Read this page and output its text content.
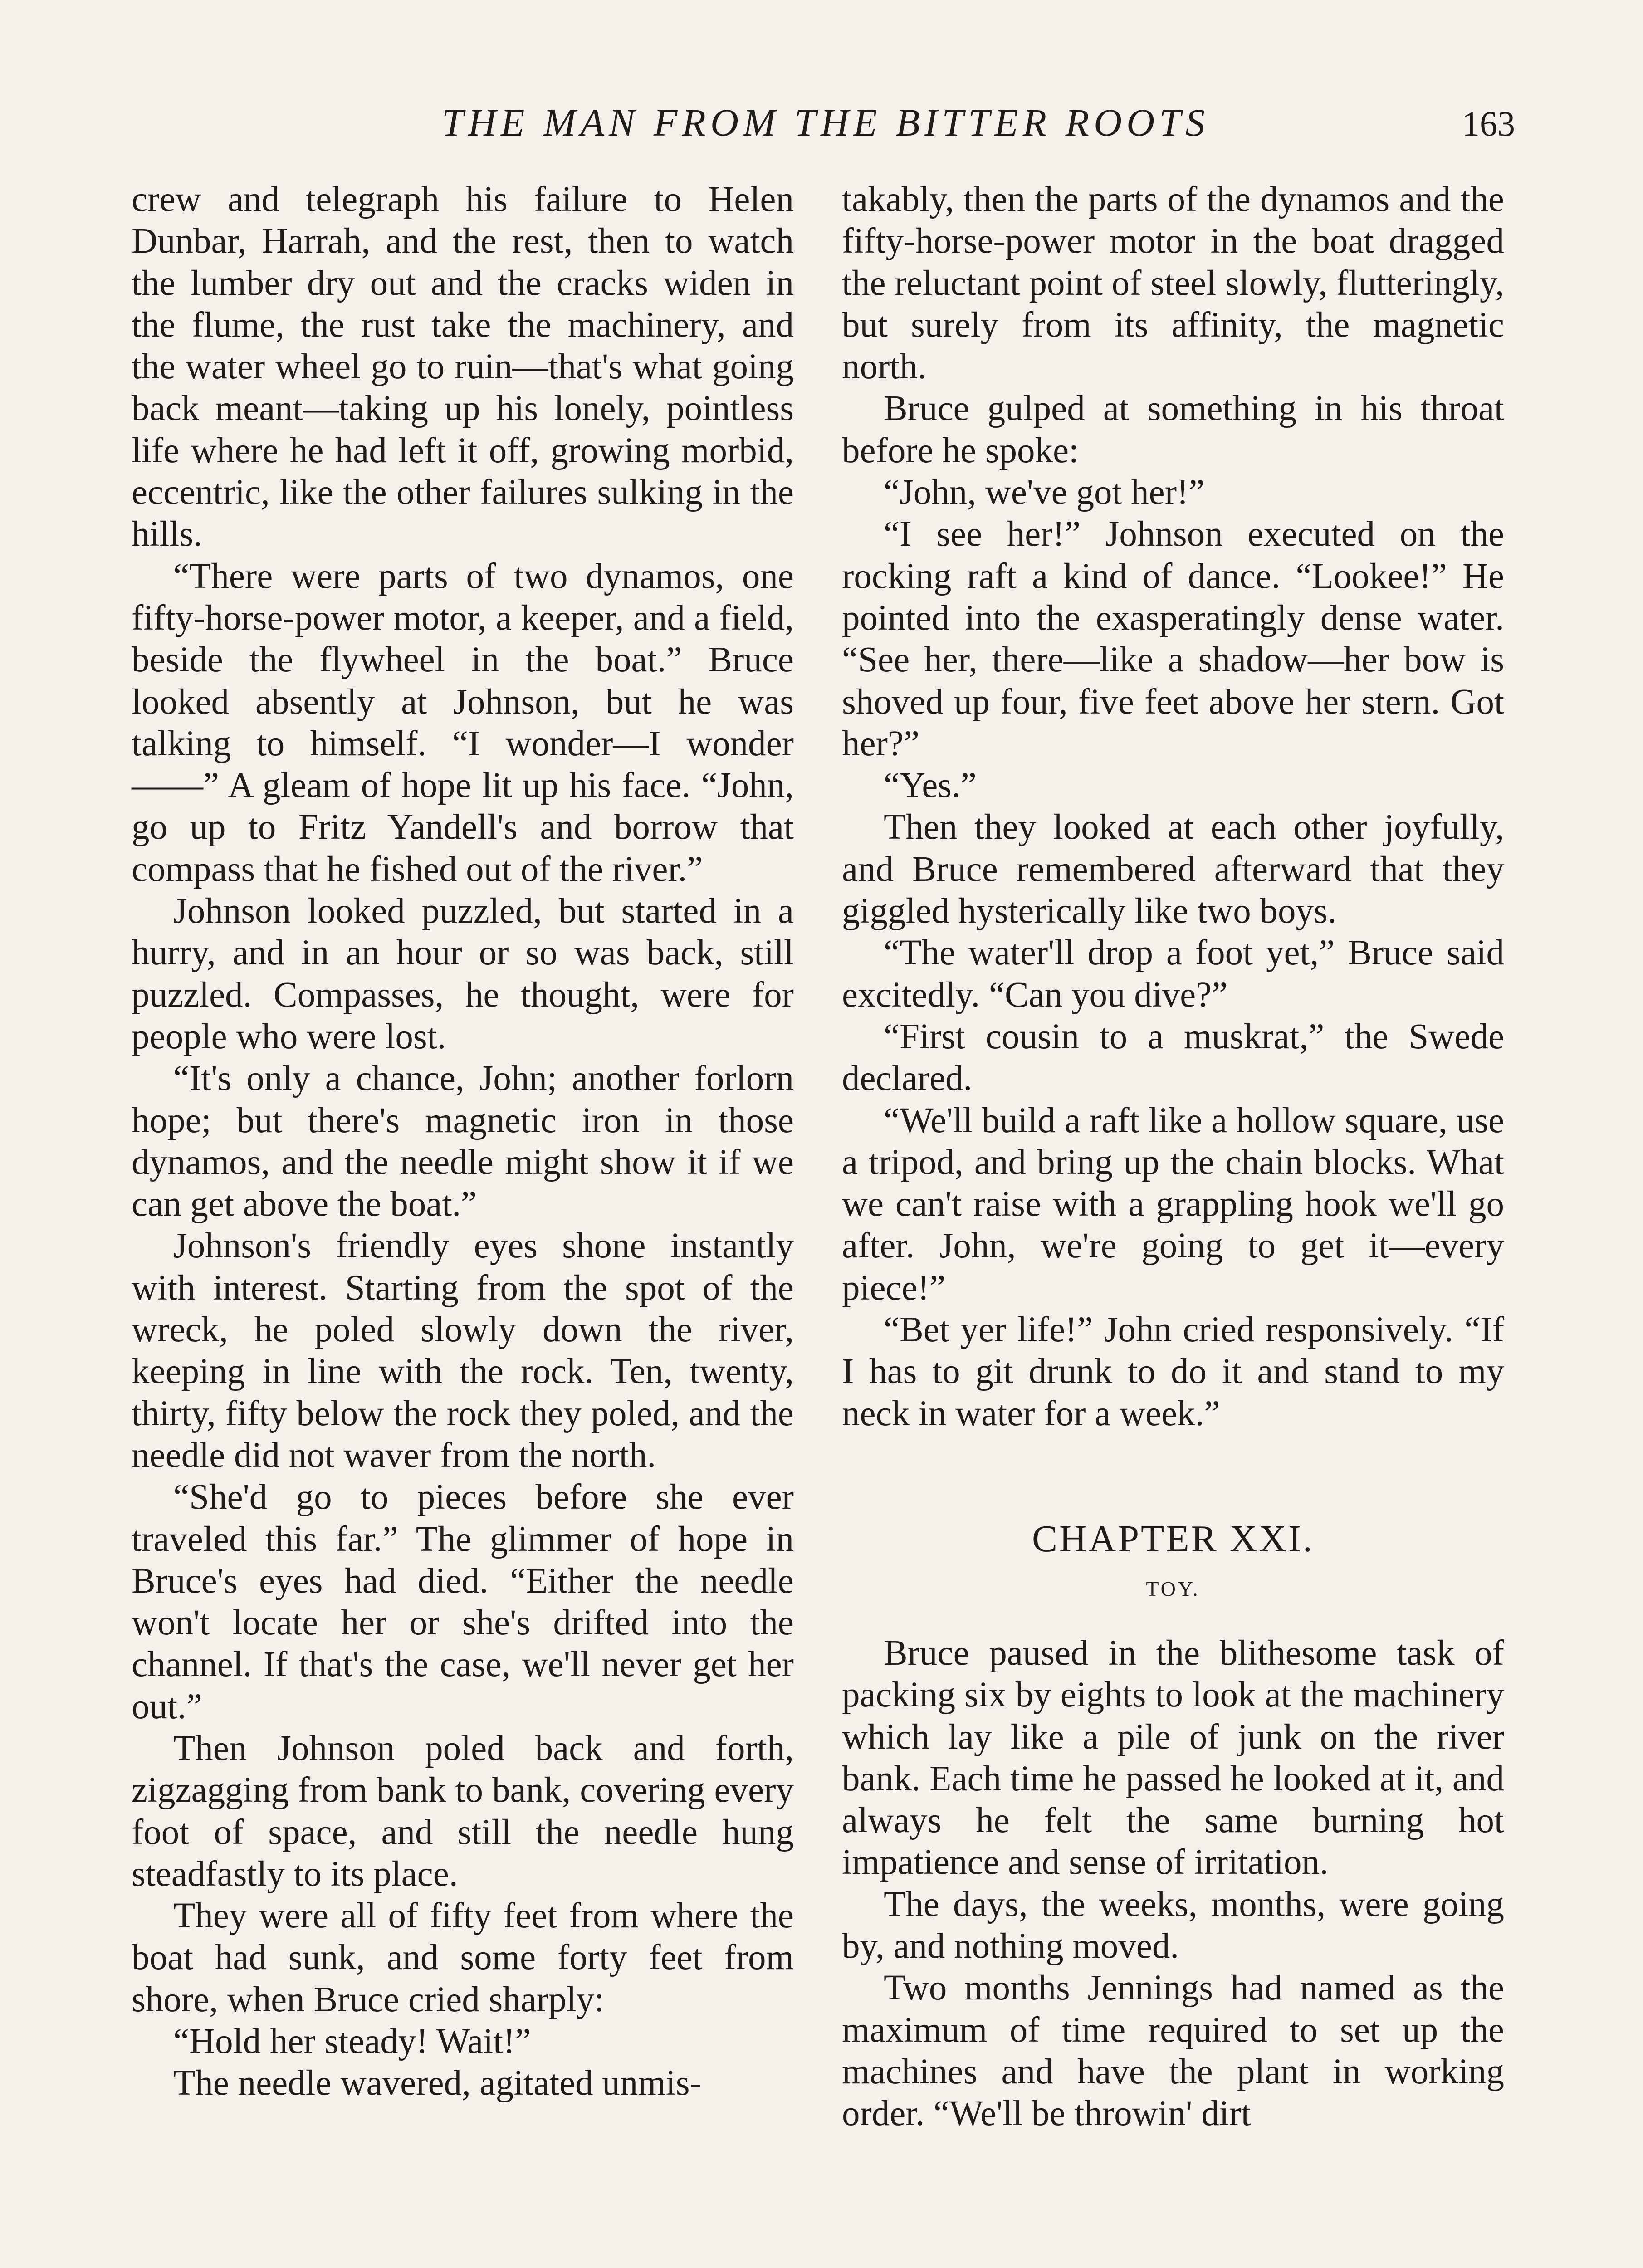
THE MAN FROM THE BITTER ROOTS	163

crew and telegraph his failure to Helen Dunbar, Harrah, and the rest, then to watch the lumber dry out and the cracks widen in the flume, the rust take the machinery, and the water wheel go to ruin—that's what going back meant—taking up his lonely, pointless life where he had left it off, growing morbid, eccentric, like the other failures sulking in the hills.

“There were parts of two dynamos, one fifty-horse-power motor, a keeper, and a field, beside the flywheel in the boat.” Bruce looked absently at Johnson, but he was talking to himself. “I wonder—I wonder——” A gleam of hope lit up his face. “John, go up to Fritz Yandell's and borrow that compass that he fished out of the river.”

Johnson looked puzzled, but started in a hurry, and in an hour or so was back, still puzzled. Compasses, he thought, were for people who were lost.

“It's only a chance, John; another forlorn hope; but there's magnetic iron in those dynamos, and the needle might show it if we can get above the boat.”

Johnson's friendly eyes shone instantly with interest. Starting from the spot of the wreck, he poled slowly down the river, keeping in line with the rock. Ten, twenty, thirty, fifty below the rock they poled, and the needle did not waver from the north.

“She'd go to pieces before she ever traveled this far.” The glimmer of hope in Bruce's eyes had died. “Either the needle won't locate her or she's drifted into the channel. If that's the case, we'll never get her out.”

Then Johnson poled back and forth, zigzagging from bank to bank, covering every foot of space, and still the needle hung steadfastly to its place.

They were all of fifty feet from where the boat had sunk, and some forty feet from shore, when Bruce cried sharply:

“Hold her steady! Wait!”

The needle wavered, agitated unmis-

takably, then the parts of the dynamos and the fifty-horse-power motor in the boat dragged the reluctant point of steel slowly, flutteringly, but surely from its affinity, the magnetic north.

Bruce gulped at something in his throat before he spoke:

“John, we've got her!”

“I see her!” Johnson executed on the rocking raft a kind of dance. “Lookee!” He pointed into the exasperatingly dense water. “See her, there—like a shadow—her bow is shoved up four, five feet above her stern. Got her?”

“Yes.”

Then they looked at each other joyfully, and Bruce remembered afterward that they giggled hysterically like two boys.

“The water'll drop a foot yet,” Bruce said excitedly. “Can you dive?”

“First cousin to a muskrat,” the Swede declared.

“We'll build a raft like a hollow square, use a tripod, and bring up the chain blocks. What we can't raise with a grappling hook we'll go after. John, we're going to get it—every piece!”

“Bet yer life!” John cried responsively. “If I has to git drunk to do it and stand to my neck in water for a week.”

CHAPTER XXI.
TOY.

Bruce paused in the blithesome task of packing six by eights to look at the machinery which lay like a pile of junk on the river bank. Each time he passed he looked at it, and always he felt the same burning hot impatience and sense of irritation.

The days, the weeks, months, were going by, and nothing moved.

Two months Jennings had named as the maximum of time required to set up the machines and have the plant in working order. “We'll be throwin' dirt
